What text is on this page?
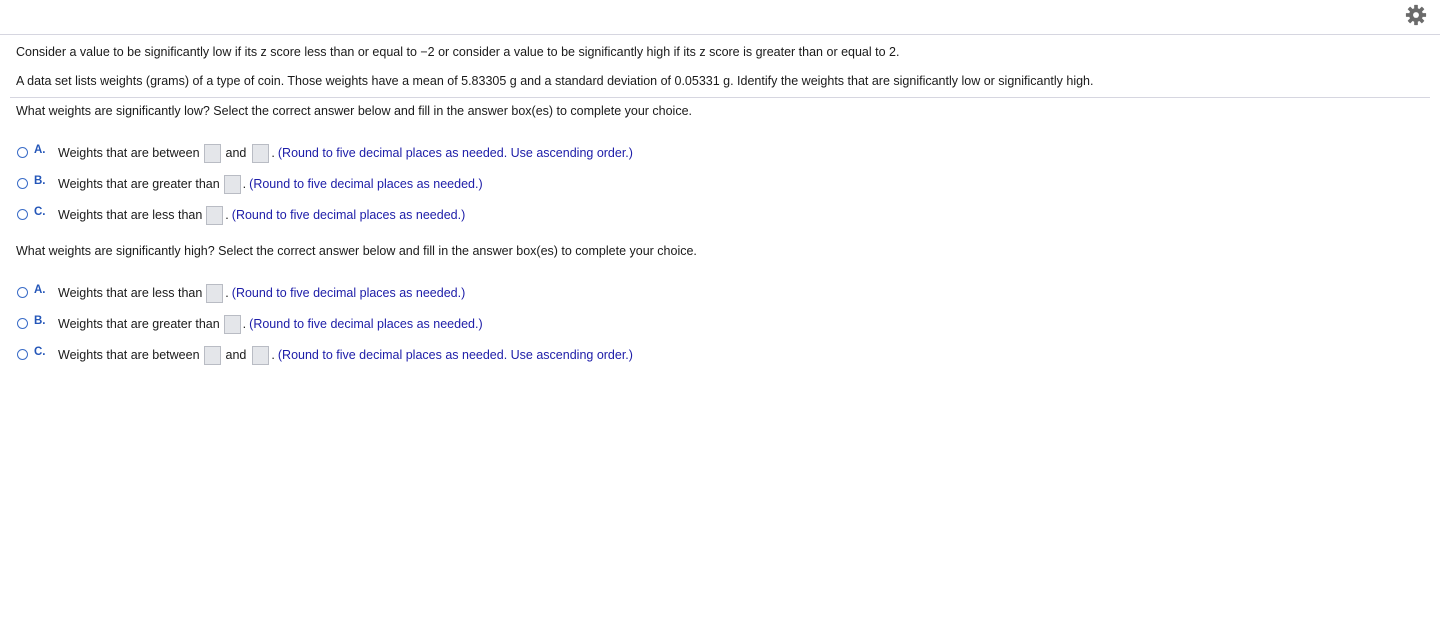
Consider a value to be significantly low if its z score less than or equal to −2 or consider a value to be significantly high if its z score is greater than or equal to 2.
A data set lists weights (grams) of a type of coin. Those weights have a mean of 5.83305 g and a standard deviation of 0.05331 g. Identify the weights that are significantly low or significantly high.
What weights are significantly low? Select the correct answer below and fill in the answer box(es) to complete your choice.
A.	Weights that are between and . (Round to five decimal places as needed. Use ascending order.)
B.	Weights that are greater than . (Round to five decimal places as needed.)
C.	Weights that are less than . (Round to five decimal places as needed.)
What weights are significantly high? Select the correct answer below and fill in the answer box(es) to complete your choice.
A.	Weights that are less than . (Round to five decimal places as needed.)
B.	Weights that are greater than . (Round to five decimal places as needed.)
C.	Weights that are between and . (Round to five decimal places as needed. Use ascending order.)
